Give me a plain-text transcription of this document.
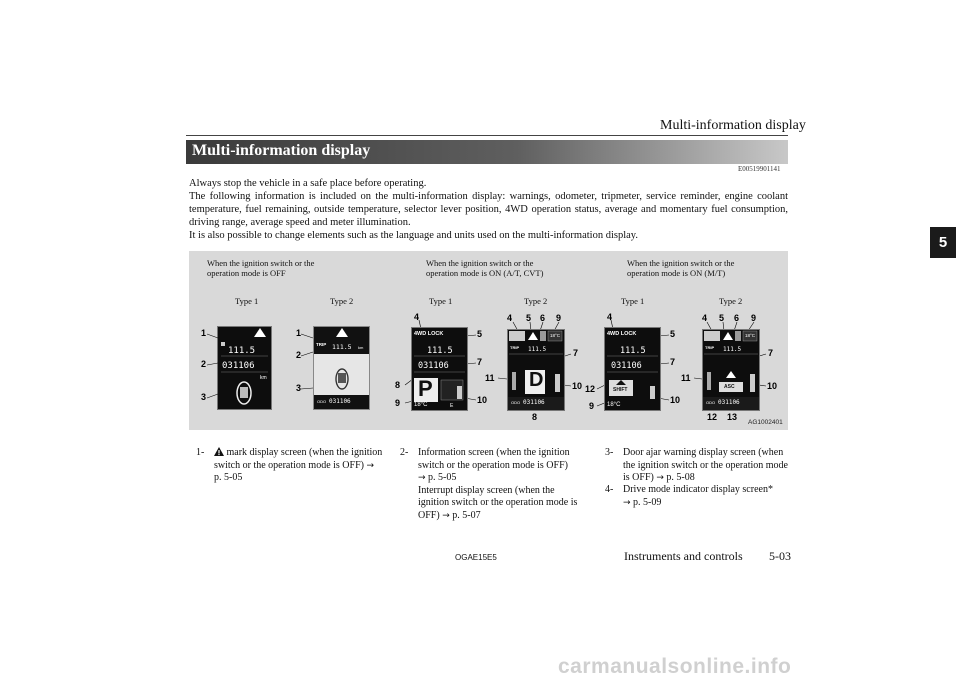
Multi-information display
Multi-information display
E00519901141
5

Always stop the vehicle in a safe place before operating.

The following information is included on the multi-information display: warnings, odometer, tripmeter, service reminder, engine coolant temperature, fuel remaining, outside temperature, selector lever position, 4WD operation status, average and momentary fuel consumption, driving range, average speed and meter illumination.

It is also possible to change elements such as the language and units used on the multi-information display.

When the ignition switch or the operation mode is OFF
When the ignition switch or the operation mode is ON (A/T, CVT)
When the ignition switch or the operation mode is ON (M/T)
Type 1	Type 2	Type 1	Type 2	Type 1	Type 2
111.5
031106
km
1
2
3
TRIP 111.5 km
ODO 031106
1
2
3
4WD LOCK
111.5
031106
P
18°C	E
4
5
7
8
9	10
18°C
TRIP 111.5
D
ODO 031106
4 5 6 9
7
11
10
8
4WD LOCK
111.5
031106
SHIFT
18°C
4
5
7
12
9
10
18°C
TRIP 111.5
ASC
ODO 031106
4 5 6 9
7
11
10
12 13
AG1002401
1-	mark display screen (when the ignition switch or the operation mode is OFF) → p. 5-05
2- Information screen (when the ignition switch or the operation mode is OFF)
→ p. 5-05
Interrupt display screen (when the ignition switch or the operation mode is OFF) → p. 5-07
3- Door ajar warning display screen (when the ignition switch or the operation mode is OFF) → p. 5-08
4- Drive mode indicator display screen*
→ p. 5-09
OGAE15E5	Instruments and controls 5-03
carmanualsonline.info
